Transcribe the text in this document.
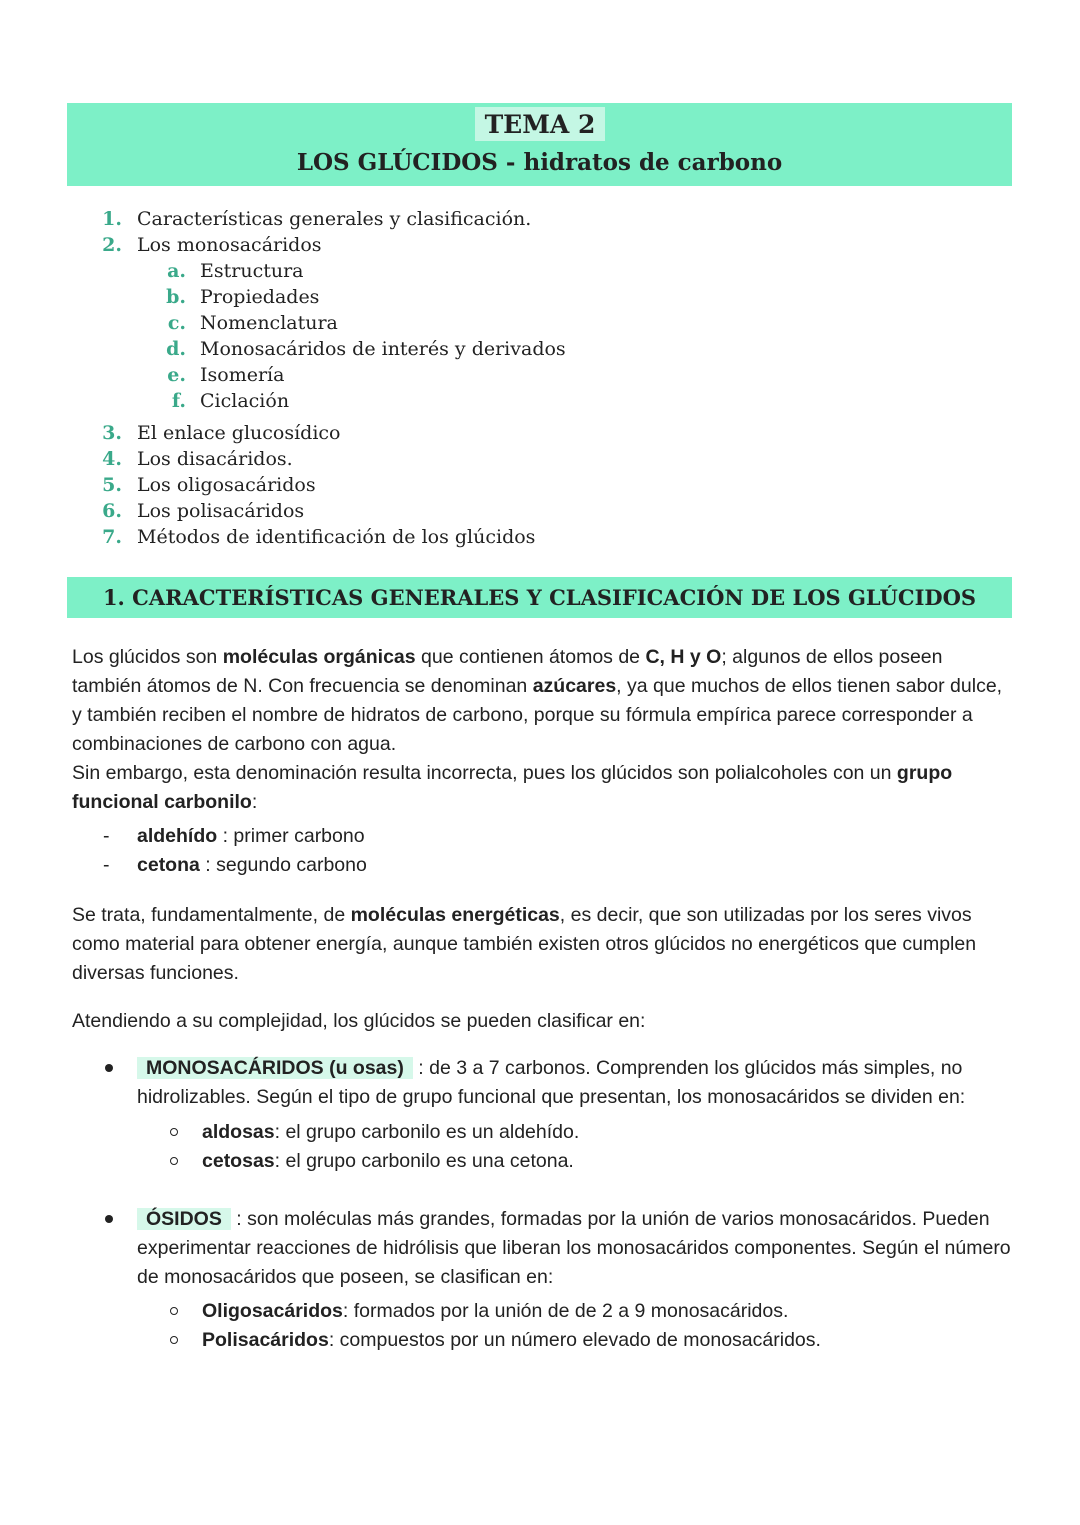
TEMA 2
LOS GLÚCIDOS - hidratos de carbono
1. Características generales y clasificación.
2. Los monosacáridos
a. Estructura
b. Propiedades
c. Nomenclatura
d. Monosacáridos de interés y derivados
e. Isomería
f. Ciclación
3. El enlace glucosídico
4. Los disacáridos.
5. Los oligosacáridos
6. Los polisacáridos
7. Métodos de identificación de los glúcidos
1. CARACTERÍSTICAS GENERALES Y CLASIFICACIÓN DE LOS GLÚCIDOS
Los glúcidos son moléculas orgánicas que contienen átomos de C, H y O; algunos de ellos poseen también átomos de N. Con frecuencia se denominan azúcares, ya que muchos de ellos tienen sabor dulce, y también reciben el nombre de hidratos de carbono, porque su fórmula empírica parece corresponder a combinaciones de carbono con agua.
Sin embargo, esta denominación resulta incorrecta, pues los glúcidos son polialcoholes con un grupo funcional carbonilo:
- aldehído : primer carbono
- cetona : segundo carbono
Se trata, fundamentalmente, de moléculas energéticas, es decir, que son utilizadas por los seres vivos como material para obtener energía, aunque también existen otros glúcidos no energéticos que cumplen diversas funciones.
Atendiendo a su complejidad, los glúcidos se pueden clasificar en:
MONOSACÁRIDOS (u osas) : de 3 a 7 carbonos. Comprenden los glúcidos más simples, no hidrolizables. Según el tipo de grupo funcional que presentan, los monosacáridos se dividen en:
aldosas: el grupo carbonilo es un aldehído.
cetosas: el grupo carbonilo es una cetona.
ÓSIDOS : son moléculas más grandes, formadas por la unión de varios monosacáridos. Pueden experimentar reacciones de hidrólisis que liberan los monosacáridos componentes. Según el número de monosacáridos que poseen, se clasifican en:
Oligosacáridos: formados por la unión de de 2 a 9 monosacáridos.
Polisacáridos: compuestos por un número elevado de monosacáridos.
